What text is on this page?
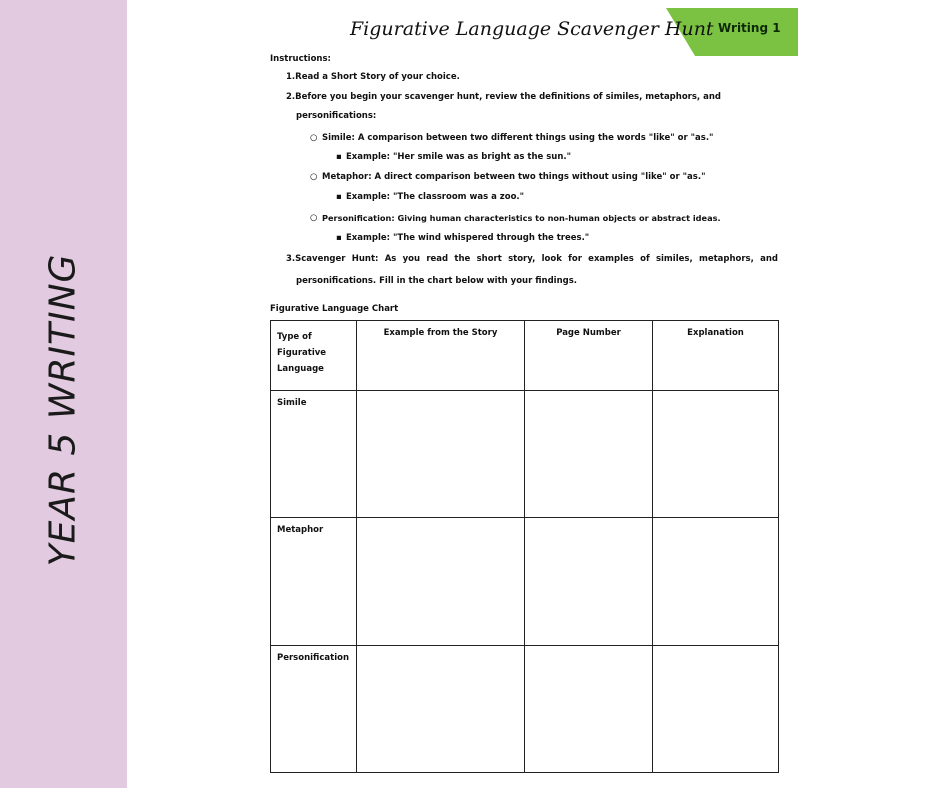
YEAR 5 WRITING
Writing 1
Figurative Language Scavenger Hunt
Instructions:
1.Read a Short Story of your choice.
2.Before you begin your scavenger hunt, review the definitions of similes, metaphors, and
personifications:
○ Simile: A comparison between two different things using the words "like" or "as."
▪ Example: "Her smile was as bright as the sun."
○ Metaphor: A direct comparison between two things without using "like" or "as."
▪ Example: "The classroom was a zoo."
○ Personification: Giving human characteristics to non-human objects or abstract ideas.
▪ Example: "The wind whispered through the trees."
3.Scavenger Hunt: As you read the short story, look for examples of similes, metaphors, and
personifications. Fill in the chart below with your findings.
Figurative Language Chart
Type of
Figurative
Language	Example from the Story	Page Number	Explanation
Simile			
Metaphor			
Personification			
